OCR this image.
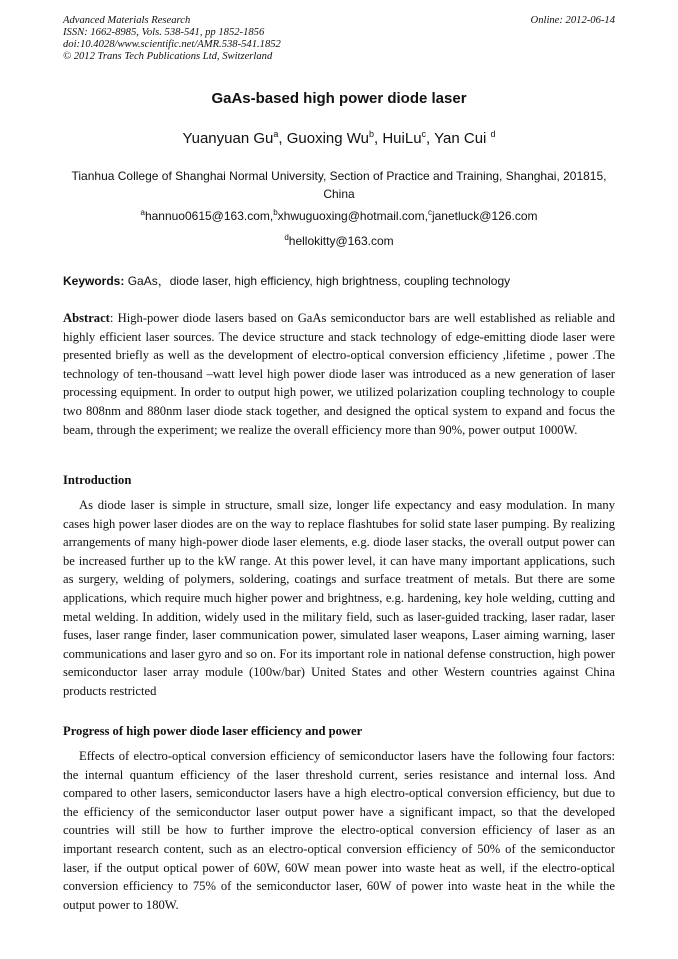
Advanced Materials Research
ISSN: 1662-8985, Vols. 538-541, pp 1852-1856
doi:10.4028/www.scientific.net/AMR.538-541.1852
© 2012 Trans Tech Publications Ltd, Switzerland
Online: 2012-06-14
GaAs-based high power diode laser
Yuanyuan Gu$^a$, Guoxing Wu$^b$, HuiLu$^c$, Yan Cui $^d$
Tianhua College of Shanghai Normal University, Section of Practice and Training, Shanghai, 201815, China
$^a$hannuo0615@163.com,$^b$xhwuguoxing@hotmail.com,$^c$janetluck@126.com
$^d$hellokitty@163.com
Keywords: GaAs，diode laser, high efficiency, high brightness, coupling technology
Abstract: High-power diode lasers based on GaAs semiconductor bars are well established as reliable and highly efficient laser sources. The device structure and stack technology of edge-emitting diode laser were presented briefly as well as the development of electro-optical conversion efficiency ,lifetime , power .The technology of ten-thousand –watt level high power diode laser was introduced as a new generation of laser processing equipment. In order to output high power, we utilized polarization coupling technology to couple two 808nm and 880nm laser diode stack together, and designed the optical system to expand and focus the beam, through the experiment; we realize the overall efficiency more than 90%, power output 1000W.
Introduction
As diode laser is simple in structure, small size, longer life expectancy and easy modulation. In many cases high power laser diodes are on the way to replace flashtubes for solid state laser pumping. By realizing arrangements of many high-power diode laser elements, e.g. diode laser stacks, the overall output power can be increased further up to the kW range. At this power level, it can have many important applications, such as surgery, welding of polymers, soldering, coatings and surface treatment of metals. But there are some applications, which require much higher power and brightness, e.g. hardening, key hole welding, cutting and metal welding. In addition, widely used in the military field, such as laser-guided tracking, laser radar, laser fuses, laser range finder, laser communication power, simulated laser weapons, Laser aiming warning, laser communications and laser gyro and so on. For its important role in national defense construction, high power semiconductor laser array module (100w/bar) United States and other Western countries against China products restricted
Progress of high power diode laser efficiency and power
Effects of electro-optical conversion efficiency of semiconductor lasers have the following four factors: the internal quantum efficiency of the laser threshold current, series resistance and internal loss. And compared to other lasers, semiconductor lasers have a high electro-optical conversion efficiency, but due to the efficiency of the semiconductor laser output power have a significant impact, so that the developed countries will still be how to further improve the electro-optical conversion efficiency of laser as an important research content, such as an electro-optical conversion efficiency of 50% of the semiconductor laser, if the output optical power of 60W, 60W mean power into waste heat as well, if the electro-optical conversion efficiency to 75% of the semiconductor laser, 60W of power into waste heat in the while the output power to 180W.
